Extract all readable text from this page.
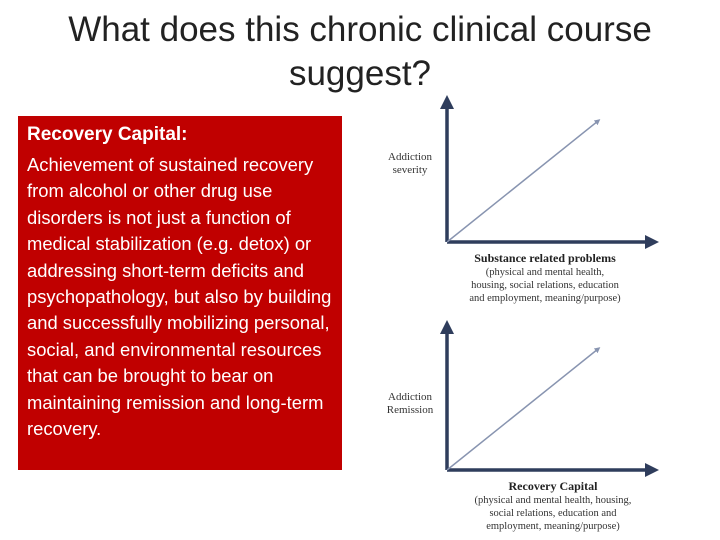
What does this chronic clinical course
suggest?
Recovery Capital:
Achievement of sustained recovery from alcohol or other drug use disorders is not just a function of medical stabilization (e.g. detox) or addressing short-term deficits and psychopathology, but also by building and successfully mobilizing personal, social, and environmental resources that can be brought to bear on maintaining remission and long-term recovery.
Addiction
severity
Substance related problems
(physical and mental health,
housing, social relations, education
and employment, meaning/purpose)
Addiction
Remission
Recovery Capital
(physical and mental health, housing,
social relations, education and
employment, meaning/purpose)
